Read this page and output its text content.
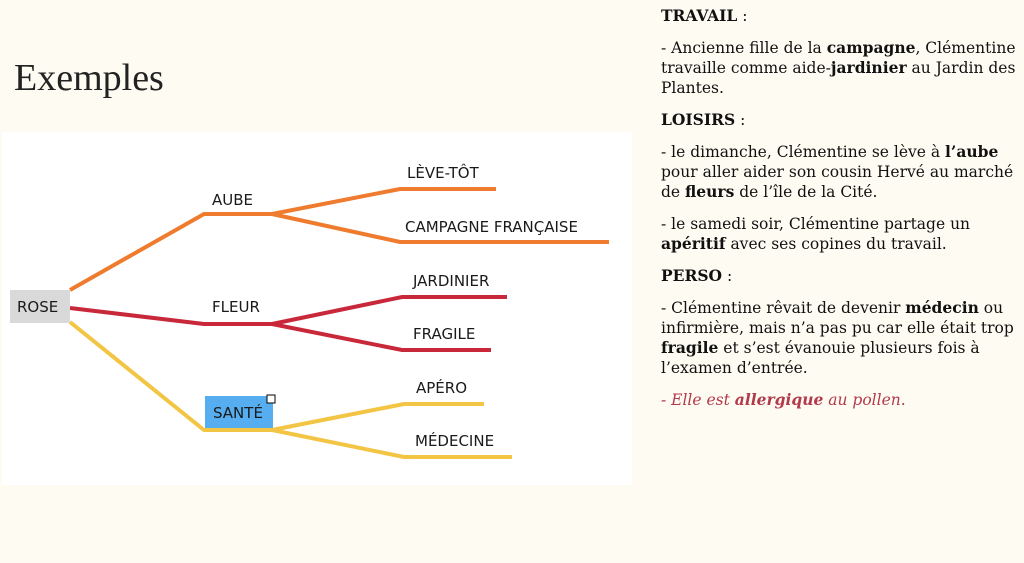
Exemples
AUBE
LÈVE-TÔT
CAMPAGNE FRANÇAISE
FLEUR
JARDINIER
FRAGILE
SANTÉ
APÉRO
MÉDECINE
ROSE

TRAVAIL :

- Ancienne fille de la campagne, Clémentine travaille comme aide-jardinier au Jardin des Plantes.

LOISIRS :

- le dimanche, Clémentine se lève à l’aube pour aller aider son cousin Hervé au marché de fleurs de l’île de la Cité.

- le samedi soir, Clémentine partage un apéritif avec ses copines du travail.

PERSO :

- Clémentine rêvait de devenir médecin ou infirmière, mais n’a pas pu car elle était trop fragile et s’est évanouie plusieurs fois à l’examen d’entrée.

- Elle est allergique au pollen.
